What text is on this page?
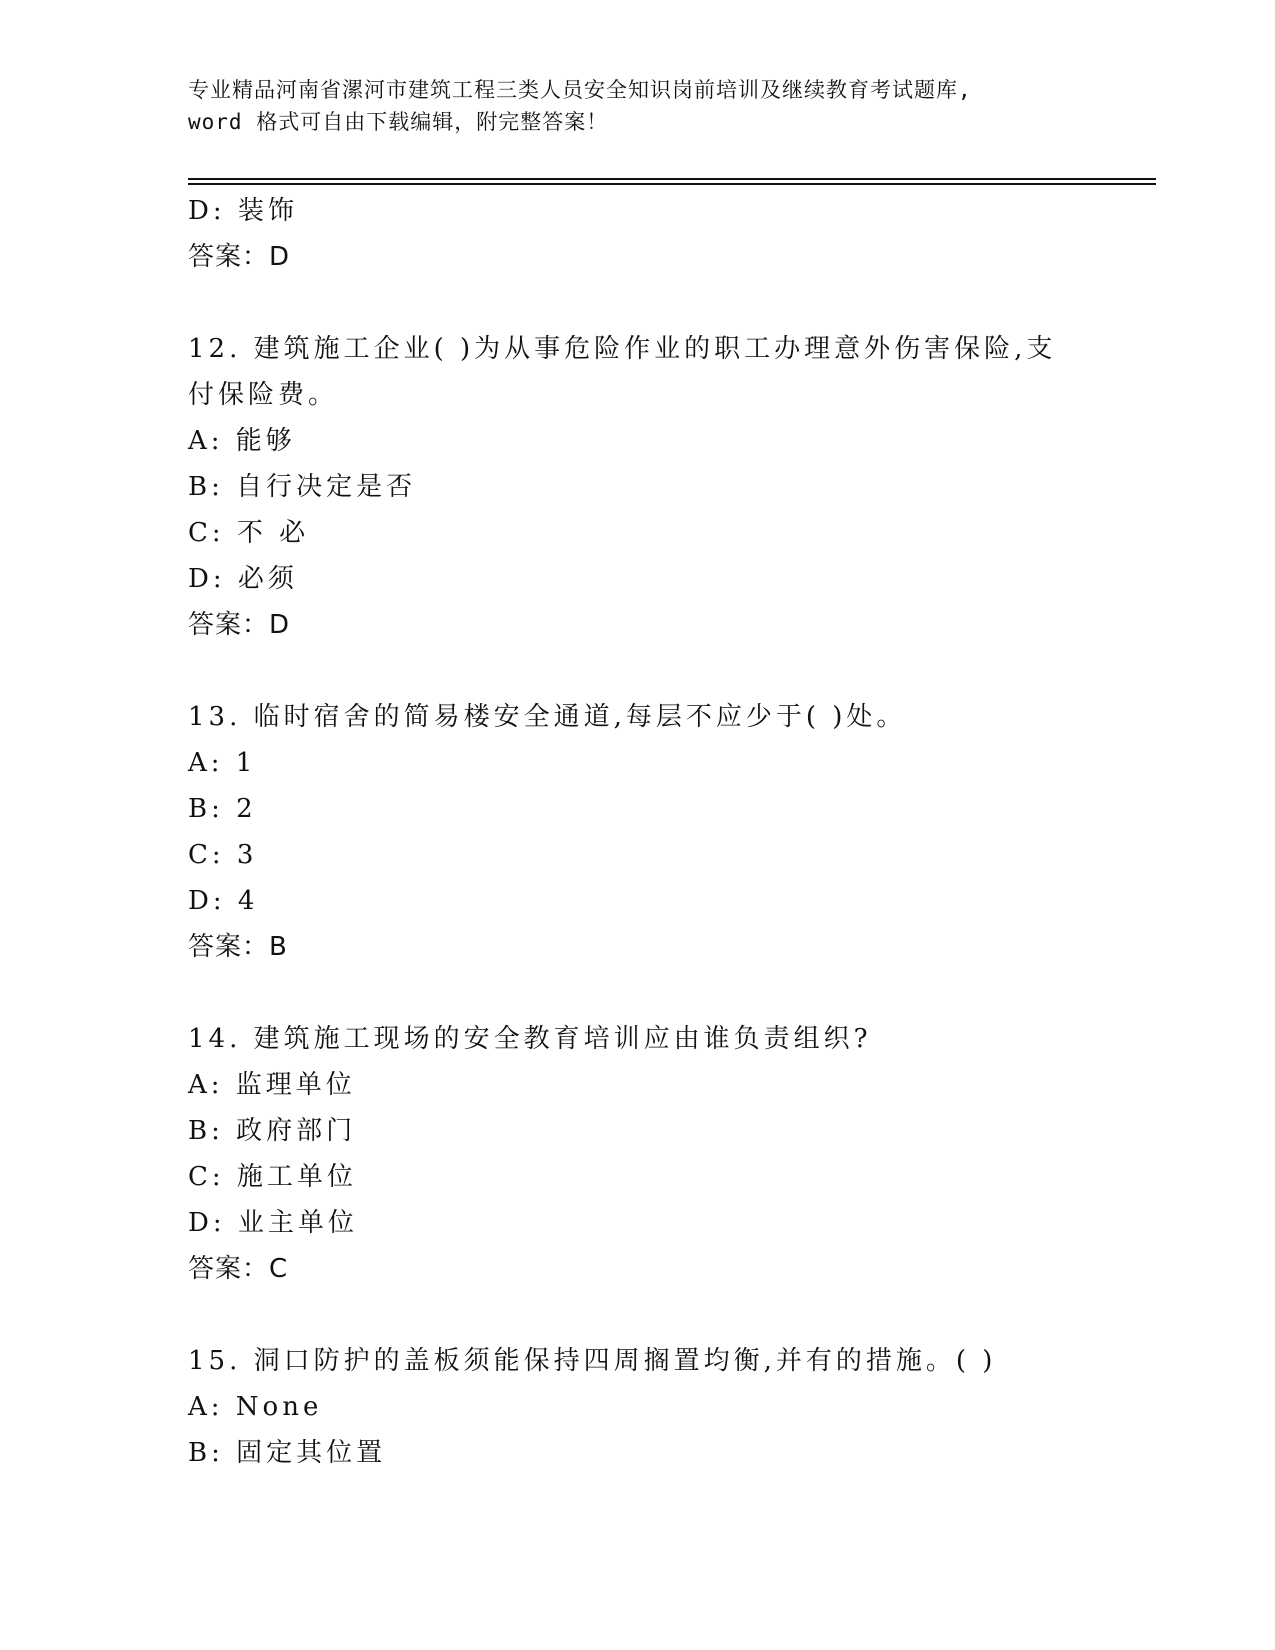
专业精品河南省漯河市建筑工程三类人员安全知识岗前培训及继续教育考试题库,
word 格式可自由下载编辑，附完整答案！
D: 装饰
答案：D
12. 建筑施工企业( )为从事危险作业的职工办理意外伤害保险,支
付保险费。
A: 能够
B: 自行决定是否
C: 不 必
D: 必须
答案：D
13. 临时宿舍的简易楼安全通道,每层不应少于( )处。
A: 1
B: 2
C: 3
D: 4
答案：B
14. 建筑施工现场的安全教育培训应由谁负责组织?
A: 监理单位
B: 政府部门
C: 施工单位
D: 业主单位
答案：C
15. 洞口防护的盖板须能保持四周搁置均衡,并有的措施。( )
A: None
B: 固定其位置
